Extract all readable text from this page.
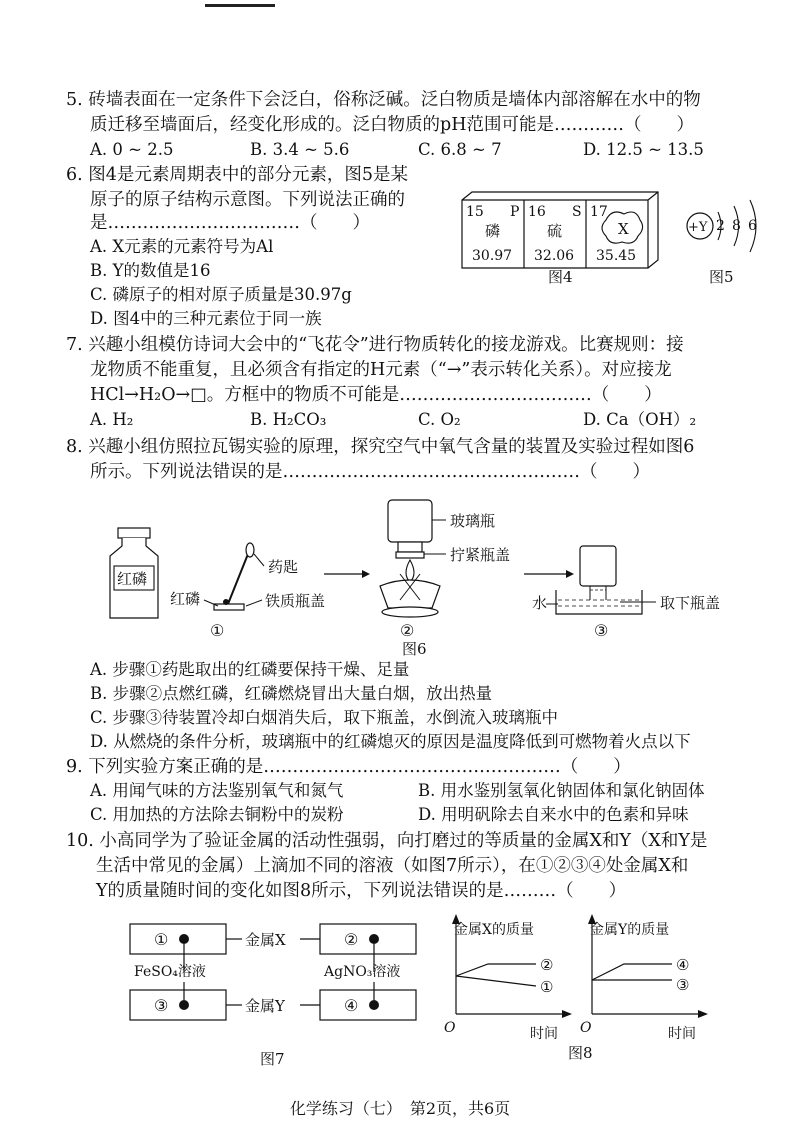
5. 砖墙表面在一定条件下会泛白，俗称泛碱。泛白物质是墙体内部溶解在水中的物
质迁移至墙面后，经变化形成的。泛白物质的pH范围可能是…………（　　）
A. 0 ~ 2.5	B. 3.4 ~ 5.6	C. 6.8 ~ 7	D. 12.5 ~ 13.5
6. 图4是元素周期表中的部分元素，图5是某
原子的原子结构示意图。下列说法正确的
是……………………………（　　）
A. X元素的元素符号为Al
B. Y的数值是16
C. 磷原子的相对原子质量是30.97g
D. 图4中的三种元素位于同一族
15 P
磷
30.97
16 S
硫
32.06
17
X
35.45
图4
+Y 2 8 6
图5
7. 兴趣小组模仿诗词大会中的“飞花令”进行物质转化的接龙游戏。比赛规则：接
龙物质不能重复，且必须含有指定的H元素（“→”表示转化关系）。对应接龙
HCl→H₂O→□。方框中的物质不可能是……………………………（　　）
A. H₂	B. H₂CO₃	C. O₂	D. Ca（OH）₂
8. 兴趣小组仿照拉瓦锡实验的原理，探究空气中氧气含量的装置及实验过程如图6
所示。下列说法错误的是……………………………………………（　　）
红磷
药匙
红磷	铁质瓶盖
①
玻璃瓶
拧紧瓶盖
②
水	取下瓶盖
③
图6
A. 步骤①药匙取出的红磷要保持干燥、足量
B. 步骤②点燃红磷，红磷燃烧冒出大量白烟，放出热量
C. 步骤③待装置冷却白烟消失后，取下瓶盖，水倒流入玻璃瓶中
D. 从燃烧的条件分析，玻璃瓶中的红磷熄灭的原因是温度降低到可燃物着火点以下
9. 下列实验方案正确的是……………………………………………（　　）
A. 用闻气味的方法鉴别氧气和氮气	B. 用水鉴别氢氧化钠固体和氯化钠固体
C. 用加热的方法除去铜粉中的炭粉	D. 用明矾除去自来水中的色素和异味
10. 小高同学为了验证金属的活动性强弱，向打磨过的等质量的金属X和Y（X和Y是
生活中常见的金属）上滴加不同的溶液（如图7所示），在①②③④处金属X和
Y的质量随时间的变化如图8所示，下列说法错误的是………（　　）
①	②
金属X
FeSO₄溶液	AgNO₃溶液
③	④
金属Y
图7
金属X的质量
O	时间
②
①
金属Y的质量
O	时间
④
③
图8
化学练习（七）　第2页，共6页
